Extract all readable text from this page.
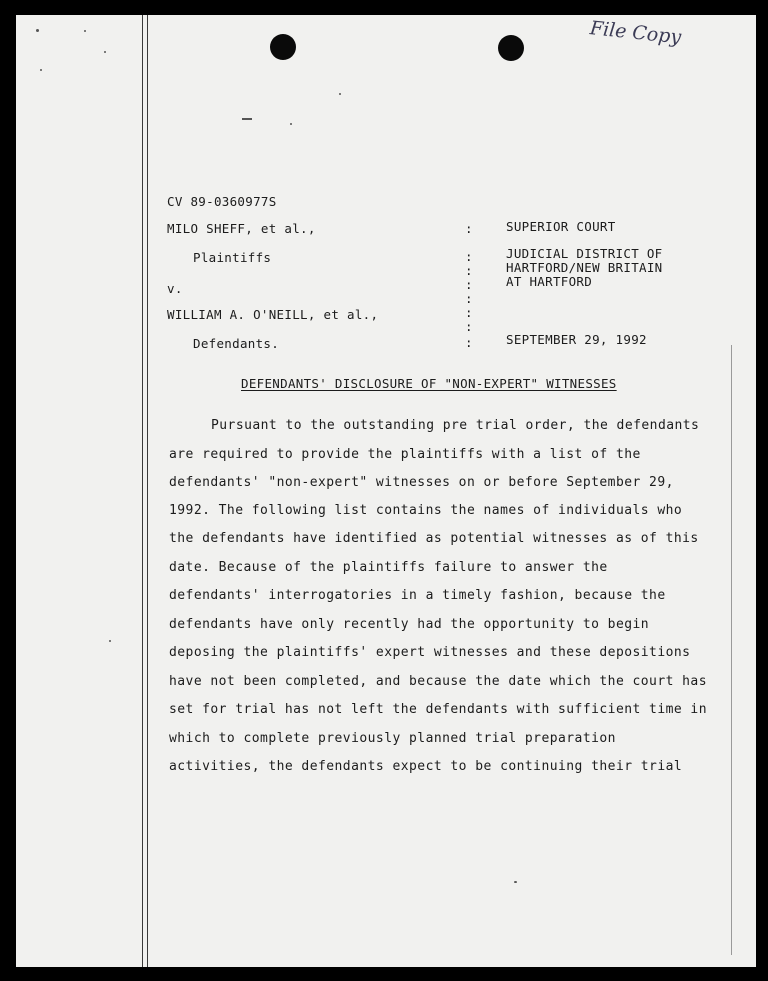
File Copy
CV 89-0360977S
MILO SHEFF, et al.,
Plaintiffs
v.
WILLIAM A. O'NEILL, et al.,
Defendants.
:
:
:
:
:
:
:
:
SUPERIOR COURT
JUDICIAL DISTRICT OF
HARTFORD/NEW BRITAIN
AT HARTFORD
SEPTEMBER 29, 1992
DEFENDANTS' DISCLOSURE OF "NON-EXPERT" WITNESSES
Pursuant to the outstanding pre trial order, the defendants
are required to provide the plaintiffs with a list of the
defendants' "non-expert" witnesses on or before September 29,
1992. The following list contains the names of individuals who
the defendants have identified as potential witnesses as of this
date. Because of the plaintiffs failure to answer the
defendants' interrogatories in a timely fashion, because the
defendants have only recently had the opportunity to begin
deposing the plaintiffs' expert witnesses and these depositions
have not been completed, and because the date which the court has
set for trial has not left the defendants with sufficient time in
which to complete previously planned trial preparation
activities, the defendants expect to be continuing their trial
